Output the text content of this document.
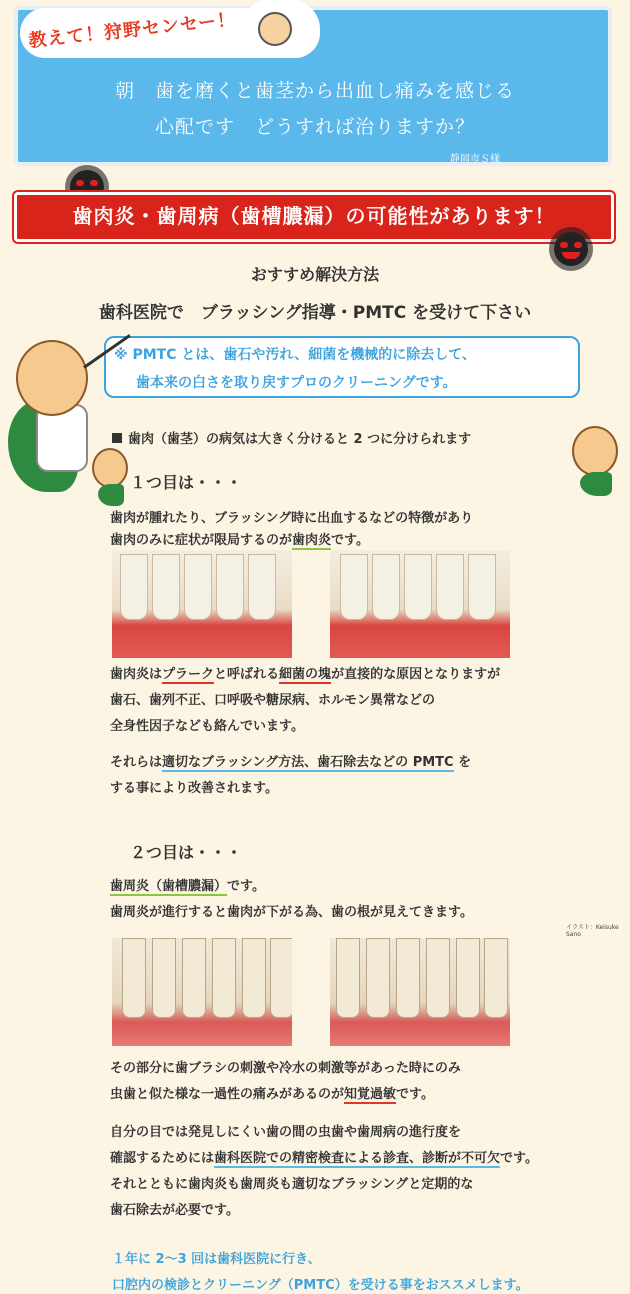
教えて！狩野センセー！
朝　歯を磨くと歯茎から出血し痛みを感じる
心配です　どうすれば治りますか？
静岡市Ｓ様
歯肉炎・歯周病（歯槽膿漏）の可能性があります！
おすすめ解決方法
歯科医院で　ブラッシング指導・PMTC を受けて下さい
※ PMTC とは、歯石や汚れ、細菌を機械的に除去して、
歯本来の白さを取り戻すプロのクリーニングです。
歯肉（歯茎）の病気は大きく分けると 2 つに分けられます
１つ目は・・・
歯肉が腫れたり、ブラッシング時に出血するなどの特徴があり
歯肉のみに症状が限局するのが歯肉炎です。
歯肉炎はプラークと呼ばれる細菌の塊が直接的な原因となりますが
歯石、歯列不正、口呼吸や糖尿病、ホルモン異常などの
全身性因子なども絡んでいます。
それらは適切なブラッシング方法、歯石除去などの PMTC を
する事により改善されます。
２つ目は・・・
歯周炎（歯槽膿漏）です。
歯周炎が進行すると歯肉が下がる為、歯の根が見えてきます。
イラスト：Keisuke Sano
その部分に歯ブラシの刺激や冷水の刺激等があった時にのみ
虫歯と似た様な一過性の痛みがあるのが知覚過敏です。
自分の目では発見しにくい歯の間の虫歯や歯周病の進行度を
確認するためには歯科医院での精密検査による診査、診断が不可欠です。
それとともに歯肉炎も歯周炎も適切なブラッシングと定期的な
歯石除去が必要です。
１年に 2〜3 回は歯科医院に行き、
口腔内の検診とクリーニング（PMTC）を受ける事をおススメします。
